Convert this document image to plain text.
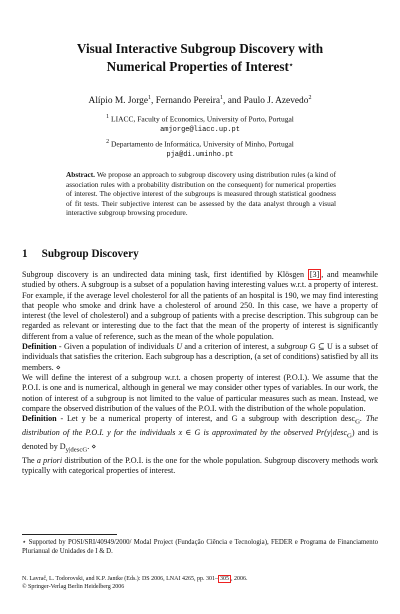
Visual Interactive Subgroup Discovery with
Numerical Properties of Interest⋆
Alípio M. Jorge$^1$, Fernando Pereira$^1$, and Paulo J. Azevedo$^2$
$^1$ LIACC, Faculty of Economics, University of Porto, Portugal
amjorge@liacc.up.pt
$^2$ Departamento de Informática, University of Minho, Portugal
pja@di.uminho.pt
Abstract. We propose an approach to subgroup discovery using distribution rules (a kind of association rules with a probability distribution on the consequent) for numerical properties of interest. The objective interest of the subgroups is measured through statistical goodness of fit tests. Their subjective interest can be assessed by the data analyst through a visual interactive subgroup browsing procedure.
1 Subgroup Discovery

Subgroup discovery is an undirected data mining task, first identified by Klösgen [3] , and meanwhile studied by others. A subgroup is a subset of a population having interesting values w.r.t. a property of interest. For example, if the average level cholesterol for all the patients of an hospital is 190, we may find interesting that people who smoke and drink have a cholesterol of around 250. In this case, we have a property of interest (the level of cholesterol) and a subgroup of patients with a precise description. This subgroup can be regarded as relevant or interesting due to the fact that the mean of the property of interest is significantly different from a value of reference, such as the mean of the whole population.

Definition - Given a population of individuals U and a criterion of interest, a subgroup G ⊆ U is a subset of individuals that satisfies the criterion. Each subgroup has a description, (a set of conditions) satisfied by all its members. ⋄

We will define the interest of a subgroup w.r.t. a chosen property of interest (P.O.I.). We assume that the P.O.I. is one and is numerical, although in general we may consider other types of variables. In our work, the notion of interest of a subgroup is not limited to the value of particular measures such as mean. Instead, we compare the observed distribution of the values of the P.O.I. with the distribution of the whole population.

Definition - Let y be a numerical property of interest, and G a subgroup with description desc$_G$. The distribution of the P.O.I. y for the individuals x ∈ G is approximated by the observed Pr(y|desc$_G$) and is denoted by $D_{y|descG}$. ⋄

The a priori distribution of the P.O.I. is the one for the whole population. Subgroup discovery methods work typically with categorical properties of interest.

⋆ Supported by POSI/SRI/40949/2000/ Modal Project (Fundação Ciência e Tecnologia), FEDER e Programa de Financiamento Plurianual de Unidades de I & D.
N. Lavrač, L. Todorovski, and K.P. Jantke (Eds.): DS 2006, LNAI 4265, pp. 301– 305 , 2006.
© Springer-Verlag Berlin Heidelberg 2006
